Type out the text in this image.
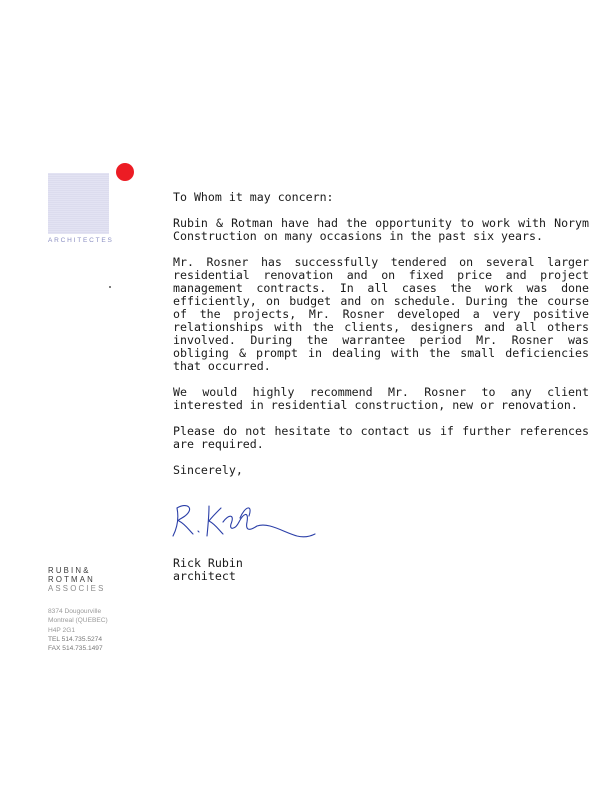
ARCHITECTES

To Whom it may concern:

Rubin & Rotman have had the opportunity to work with Norym Construction on many occasions in the past six years.

Mr. Rosner has successfully tendered on several larger residential renovation and on fixed price and project management contracts. In all cases the work was done efficiently, on budget and on schedule. During the course of the projects, Mr. Rosner developed a very positive relationships with the clients, designers and all others involved. During the warrantee period Mr. Rosner was obliging & prompt in dealing with the small deficiencies that occurred.

We would highly recommend Mr. Rosner to any client interested in residential construction, new or renovation.

Please do not hesitate to contact us if further references are required.

Sincerely,

Rick Rubin
architect
RUBIN&
ROTMAN
ASSOCIES
8374 Dougourville
Montreal (QUEBEC)
H4P 2G1
TEL 514.735.5274
FAX 514.735.1497
